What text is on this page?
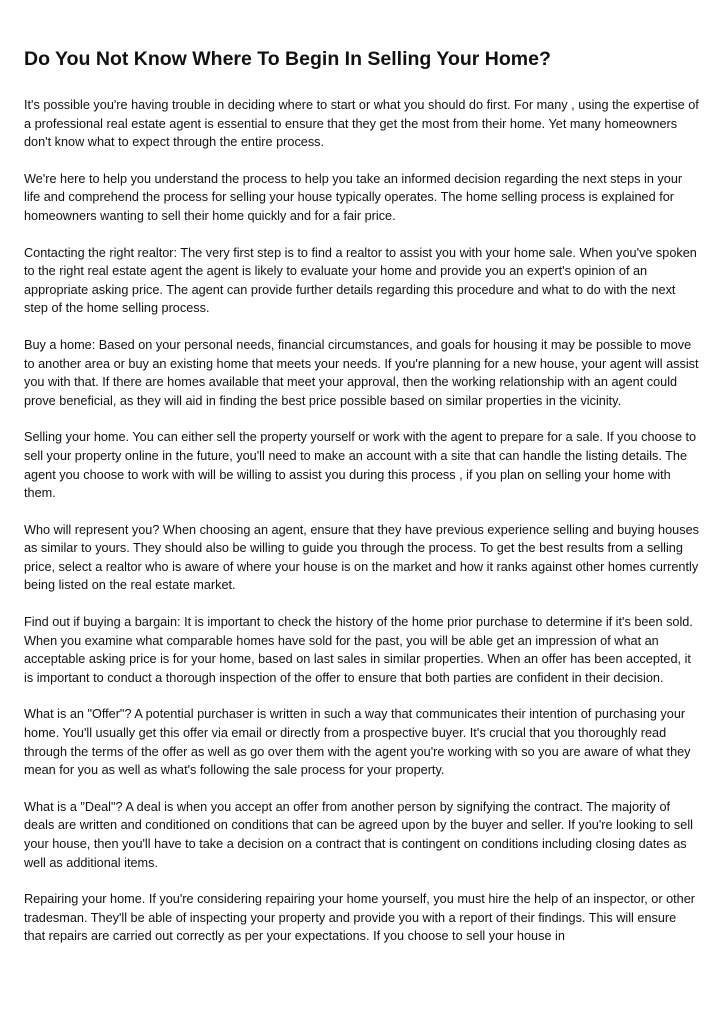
Do You Not Know Where To Begin In Selling Your Home?

It's possible you're having trouble in deciding where to start or what you should do first. For many , using the expertise of a professional real estate agent is essential to ensure that they get the most from their home. Yet many homeowners don't know what to expect through the entire process.

We're here to help you understand the process to help you take an informed decision regarding the next steps in your life and comprehend the process for selling your house typically operates. The home selling process is explained for homeowners wanting to sell their home quickly and for a fair price.

Contacting the right realtor: The very first step is to find a realtor to assist you with your home sale. When you've spoken to the right real estate agent the agent is likely to evaluate your home and provide you an expert's opinion of an appropriate asking price. The agent can provide further details regarding this procedure and what to do with the next step of the home selling process.

Buy a home: Based on your personal needs, financial circumstances, and goals for housing it may be possible to move to another area or buy an existing home that meets your needs. If you're planning for a new house, your agent will assist you with that. If there are homes available that meet your approval, then the working relationship with an agent could prove beneficial, as they will aid in finding the best price possible based on similar properties in the vicinity.

Selling your home. You can either sell the property yourself or work with the agent to prepare for a sale. If you choose to sell your property online in the future, you'll need to make an account with a site that can handle the listing details. The agent you choose to work with will be willing to assist you during this process , if you plan on selling your home with them.

Who will represent you? When choosing an agent, ensure that they have previous experience selling and buying houses as similar to yours. They should also be willing to guide you through the process. To get the best results from a selling price, select a realtor who is aware of where your house is on the market and how it ranks against other homes currently being listed on the real estate market.

Find out if buying a bargain: It is important to check the history of the home prior purchase to determine if it's been sold. When you examine what comparable homes have sold for the past, you will be able get an impression of what an acceptable asking price is for your home, based on last sales in similar properties. When an offer has been accepted, it is important to conduct a thorough inspection of the offer to ensure that both parties are confident in their decision.

What is an "Offer"? A potential purchaser is written in such a way that communicates their intention of purchasing your home. You'll usually get this offer via email or directly from a prospective buyer. It's crucial that you thoroughly read through the terms of the offer as well as go over them with the agent you're working with so you are aware of what they mean for you as well as what's following the sale process for your property.

What is a "Deal"? A deal is when you accept an offer from another person by signifying the contract. The majority of deals are written and conditioned on conditions that can be agreed upon by the buyer and seller. If you're looking to sell your house, then you'll have to take a decision on a contract that is contingent on conditions including closing dates as well as additional items.

Repairing your home. If you're considering repairing your home yourself, you must hire the help of an inspector, or other tradesman. They'll be able of inspecting your property and provide you with a report of their findings. This will ensure that repairs are carried out correctly as per your expectations. If you choose to sell your house in
